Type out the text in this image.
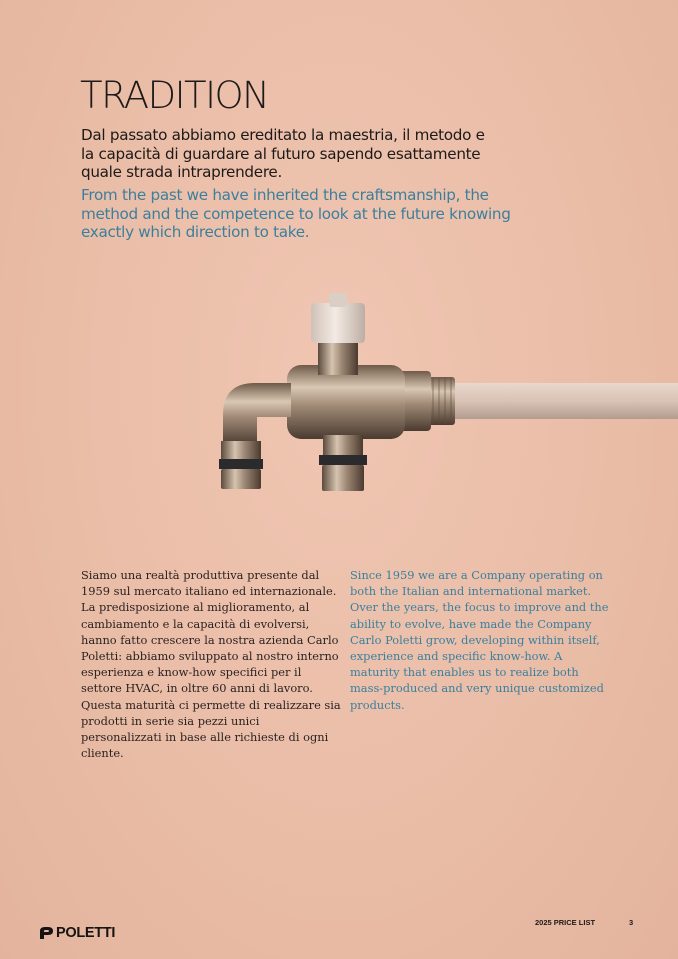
TRADITION

Dal passato abbiamo ereditato la maestria, il metodo e la capacità di guardare al futuro sapendo esattamente quale strada intraprendere.

From the past we have inherited the craftsmanship, the method and the competence to look at the future knowing exactly which direction to take.

Siamo una realtà produttiva presente dal 1959 sul mercato italiano ed internazionale. La predisposizione al miglioramento, al cambiamento e la capacità di evolversi, hanno fatto crescere la nostra azienda Carlo Poletti: abbiamo sviluppato al nostro interno esperienza e know-how specifici per il settore HVAC, in oltre 60 anni di lavoro. Questa maturità ci permette di realizzare sia prodotti in serie sia pezzi unici personalizzati in base alle richieste di ogni cliente.

Since 1959 we are a Company operating on both the Italian and international market. Over the years, the focus to improve and the ability to evolve, have made the Company Carlo Poletti grow, developing within itself, experience and specific know-how. A maturity that enables us to realize both mass-produced and very unique customized products.

POLETTI
2025 PRICE LIST	3
